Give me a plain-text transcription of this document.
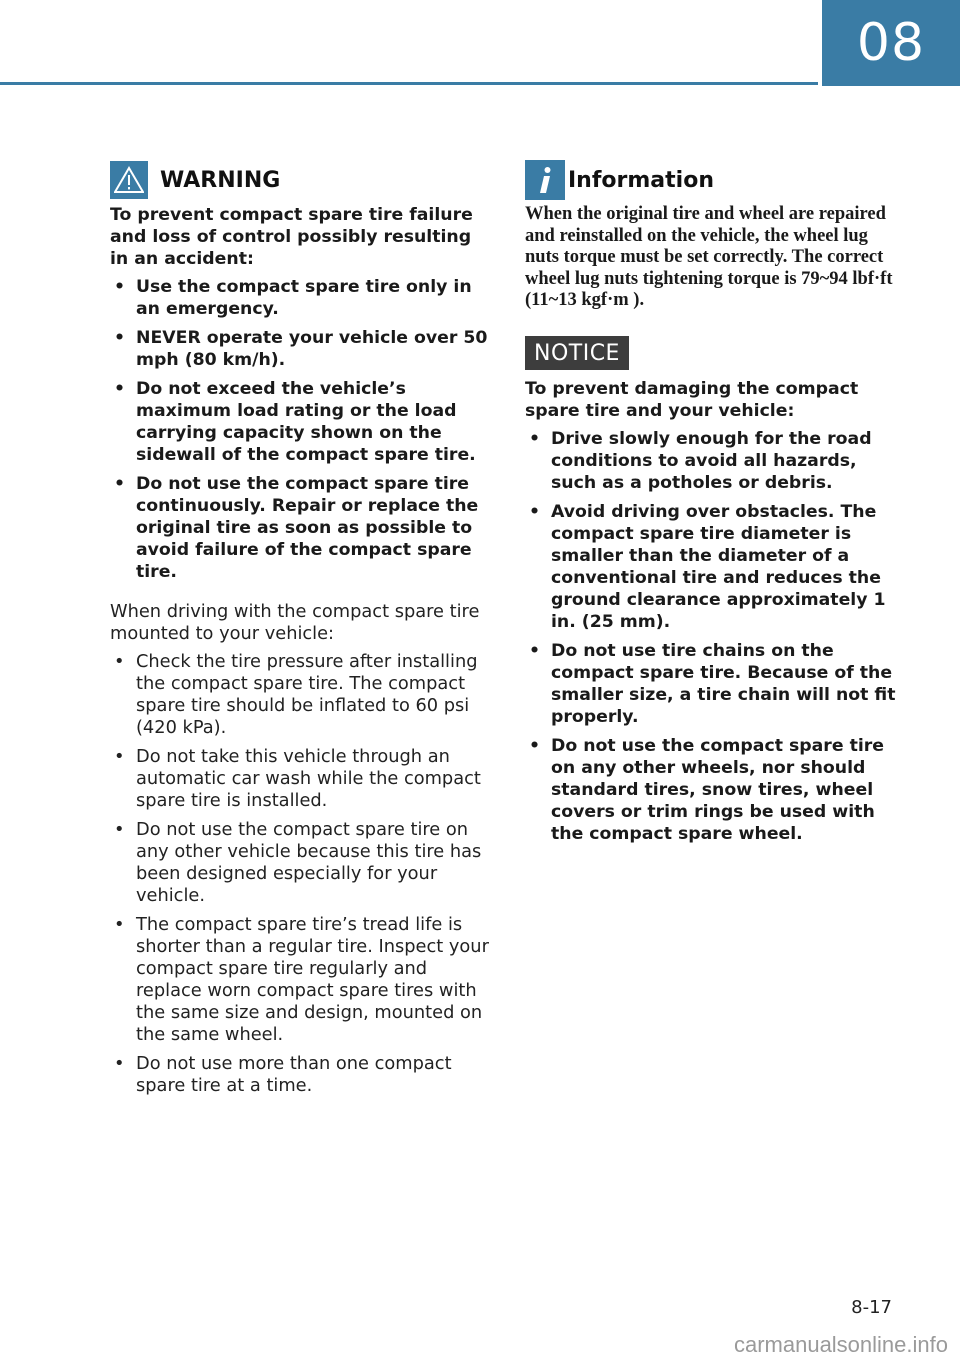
08
WARNING

To prevent compact spare tire failure and loss of control possibly resulting in an accident:

• Use the compact spare tire only in an emergency.
• NEVER operate your vehicle over 50 mph (80 km/h).
• Do not exceed the vehicle’s maximum load rating or the load carrying capacity shown on the sidewall of the compact spare tire.
• Do not use the compact spare tire continuously. Repair or replace the original tire as soon as possible to avoid failure of the compact spare tire.

When driving with the compact spare tire mounted to your vehicle:

• Check the tire pressure after installing the compact spare tire. The compact spare tire should be inflated to 60 psi (420 kPa).
• Do not take this vehicle through an automatic car wash while the compact spare tire is installed.
• Do not use the compact spare tire on any other vehicle because this tire has been designed especially for your vehicle.
• The compact spare tire’s tread life is shorter than a regular tire. Inspect your compact spare tire regularly and replace worn compact spare tires with the same size and design, mounted on the same wheel.
• Do not use more than one compact spare tire at a time.
Information

When the original tire and wheel are repaired and reinstalled on the vehicle, the wheel lug nuts torque must be set correctly. The correct wheel lug nuts tightening torque is 79~94 lbf·ft (11~13 kgf·m ).

NOTICE

To prevent damaging the compact spare tire and your vehicle:

• Drive slowly enough for the road conditions to avoid all hazards, such as a potholes or debris.
• Avoid driving over obstacles. The compact spare tire diameter is smaller than the diameter of a conventional tire and reduces the ground clearance approximately 1 in. (25 mm).
• Do not use tire chains on the compact spare tire. Because of the smaller size, a tire chain will not fit properly.
• Do not use the compact spare tire on any other wheels, nor should standard tires, snow tires, wheel covers or trim rings be used with the compact spare wheel.
8-17
carmanualsonline.info
